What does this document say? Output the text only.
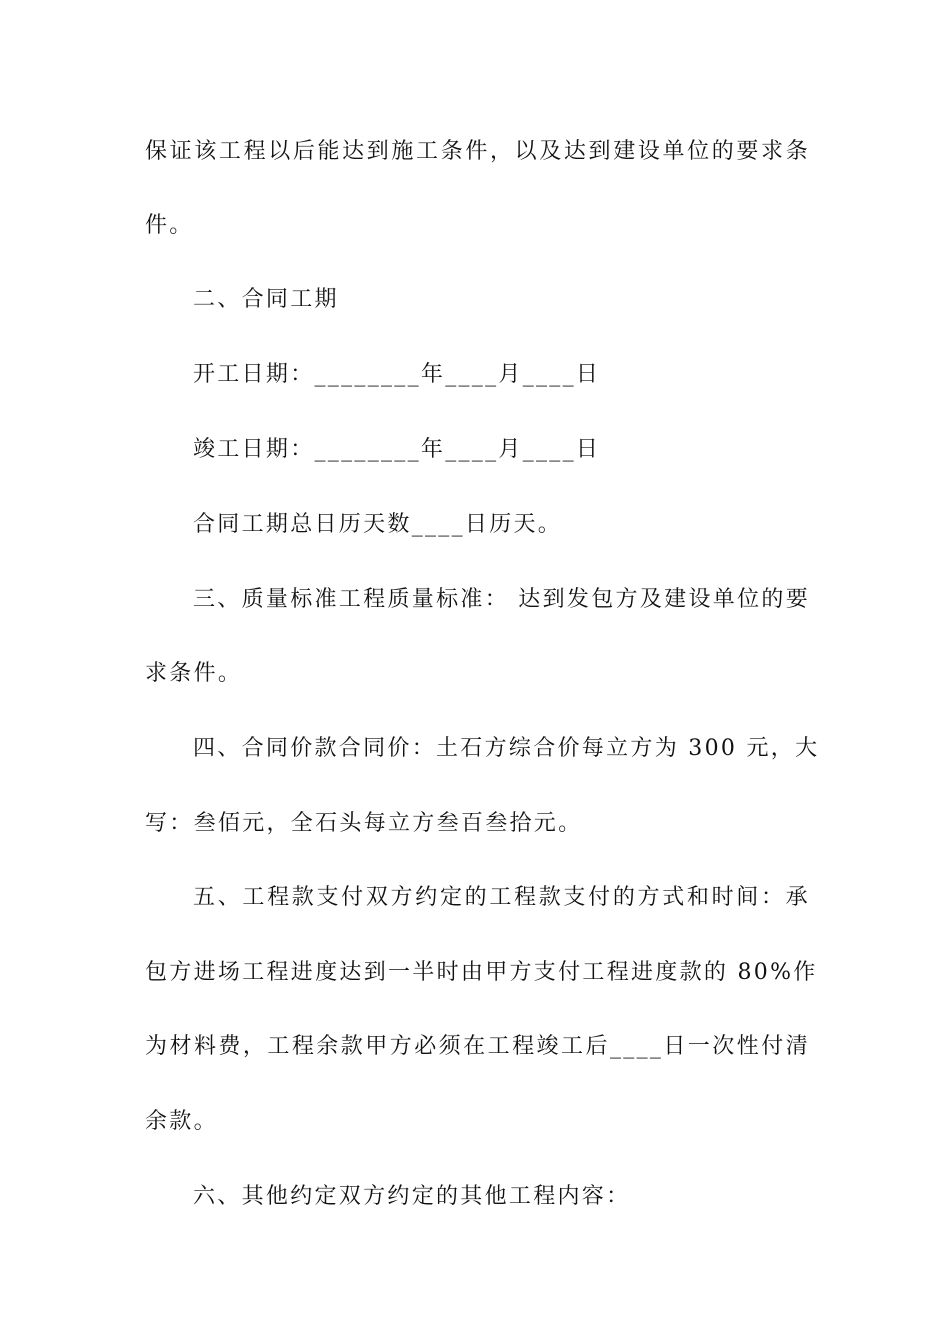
保证该工程以后能达到施工条件，以及达到建设单位的要求条
件。
二、合同工期
开工日期：________年____月____日
竣工日期：________年____月____日
合同工期总日历天数____日历天。
三、质量标准工程质量标准： 达到发包方及建设单位的要
求条件。
四、合同价款合同价：土石方综合价每立方为 300 元，大
写：叁佰元，全石头每立方叁百叁拾元。
五、工程款支付双方约定的工程款支付的方式和时间：承
包方进场工程进度达到一半时由甲方支付工程进度款的 80%作
为材料费，工程余款甲方必须在工程竣工后____日一次性付清
余款。
六、其他约定双方约定的其他工程内容：
